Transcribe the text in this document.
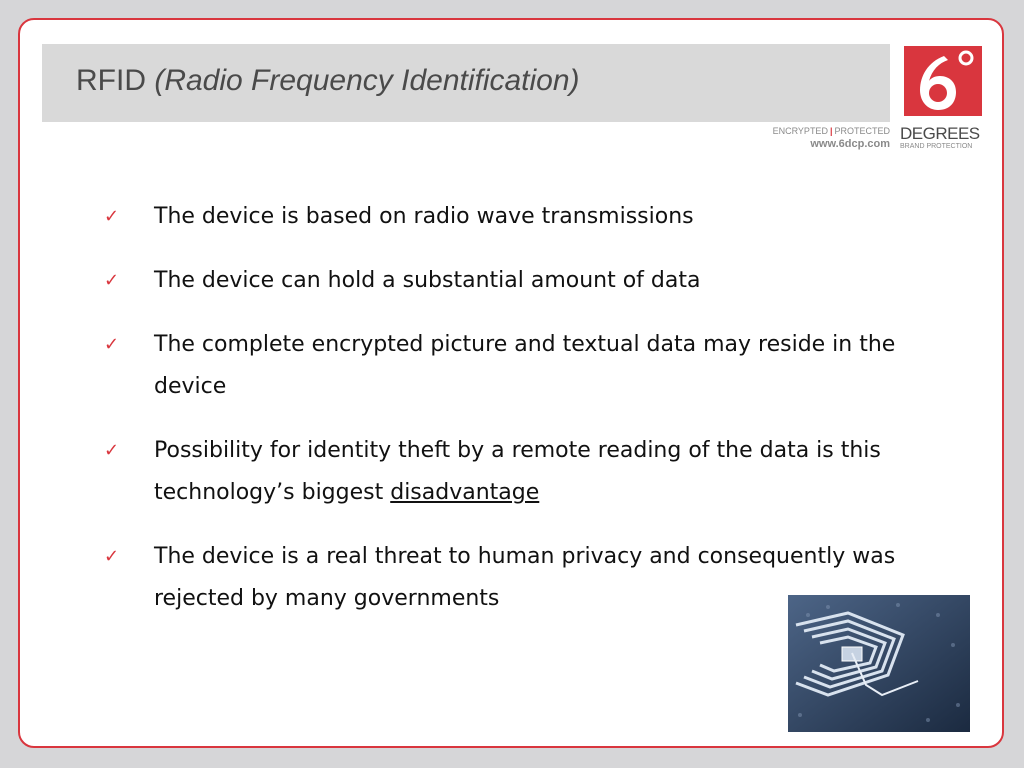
RFID (Radio Frequency Identification)
ENCRYPTED | PROTECTED
www.6dcp.com
DEGREES
BRAND PROTECTION
✓ The device is based on radio wave transmissions
✓ The device can hold a substantial amount of data
✓ The complete encrypted picture and textual data may reside in the device
✓ Possibility for identity theft by a remote reading of the data is this technology’s biggest disadvantage
✓ The device is a real threat to human privacy and consequently was rejected by many governments
